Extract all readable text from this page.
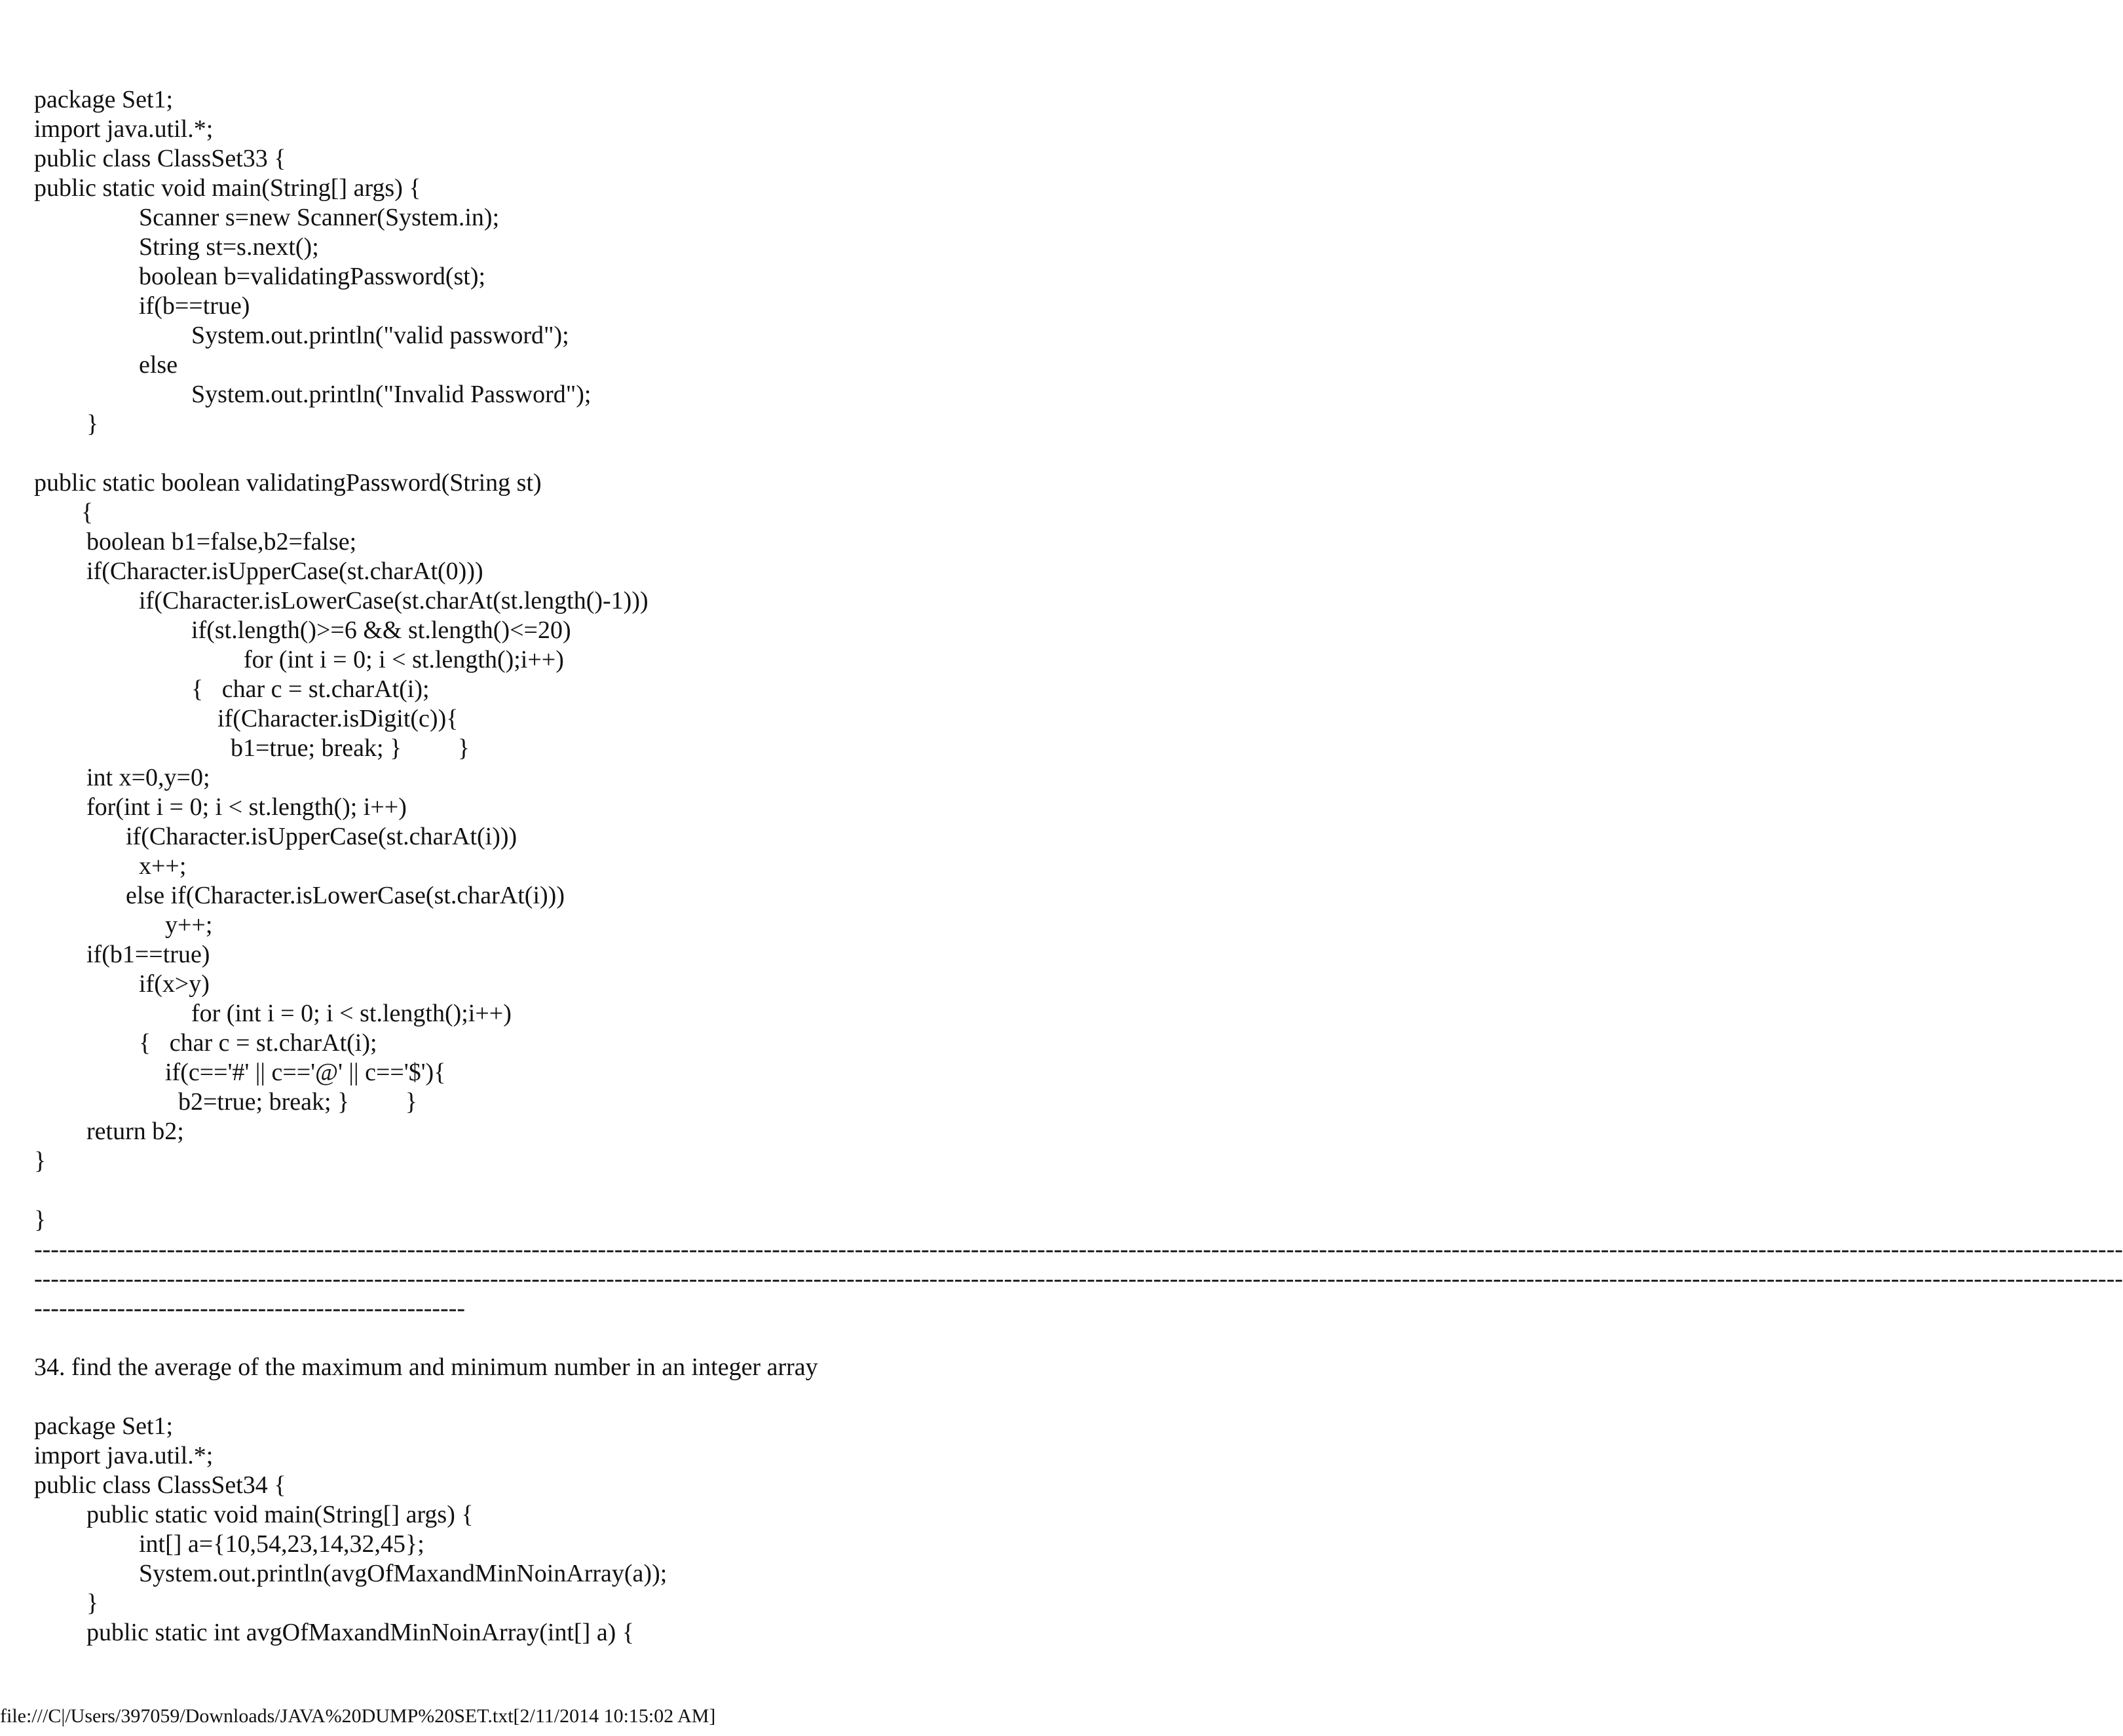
package Set1;
import java.util.*;
public class ClassSet33 {
public static void main(String[] args) {
Scanner s=new Scanner(System.in);
String st=s.next();
boolean b=validatingPassword(st);
if(b==true)
System.out.println("valid password");
else
System.out.println("Invalid Password");
}
public static boolean validatingPassword(String st)
{
boolean b1=false,b2=false;
if(Character.isUpperCase(st.charAt(0)))
if(Character.isLowerCase(st.charAt(st.length()-1)))
if(st.length()>=6 && st.length()<=20)
for (int i = 0; i < st.length();i++)
{   char c = st.charAt(i);
if(Character.isDigit(c)){
b1=true; break; }         }
int x=0,y=0;
for(int i = 0; i < st.length(); i++)
if(Character.isUpperCase(st.charAt(i)))
x++;
else if(Character.isLowerCase(st.charAt(i)))
y++;
if(b1==true)
if(x>y)
for (int i = 0; i < st.length();i++)
{   char c = st.charAt(i);
if(c=='#' || c=='@' || c=='$'){
b2=true; break; }         }
return b2;
}
}
------------------------------------------------------------------------------------------------------------------------------------------------------------------------------------------------------------------------------------------------------------
------------------------------------------------------------------------------------------------------------------------------------------------------------------------------------------------------------------------------------------------------------
----------------------------------------------------
34. find the average of the maximum and minimum number in an integer array
package Set1;
import java.util.*;
public class ClassSet34 {
public static void main(String[] args) {
int[] a={10,54,23,14,32,45};
System.out.println(avgOfMaxandMinNoinArray(a));
}
public static int avgOfMaxandMinNoinArray(int[] a) {
file:///C|/Users/397059/Downloads/JAVA%20DUMP%20SET.txt[2/11/2014 10:15:02 AM]
